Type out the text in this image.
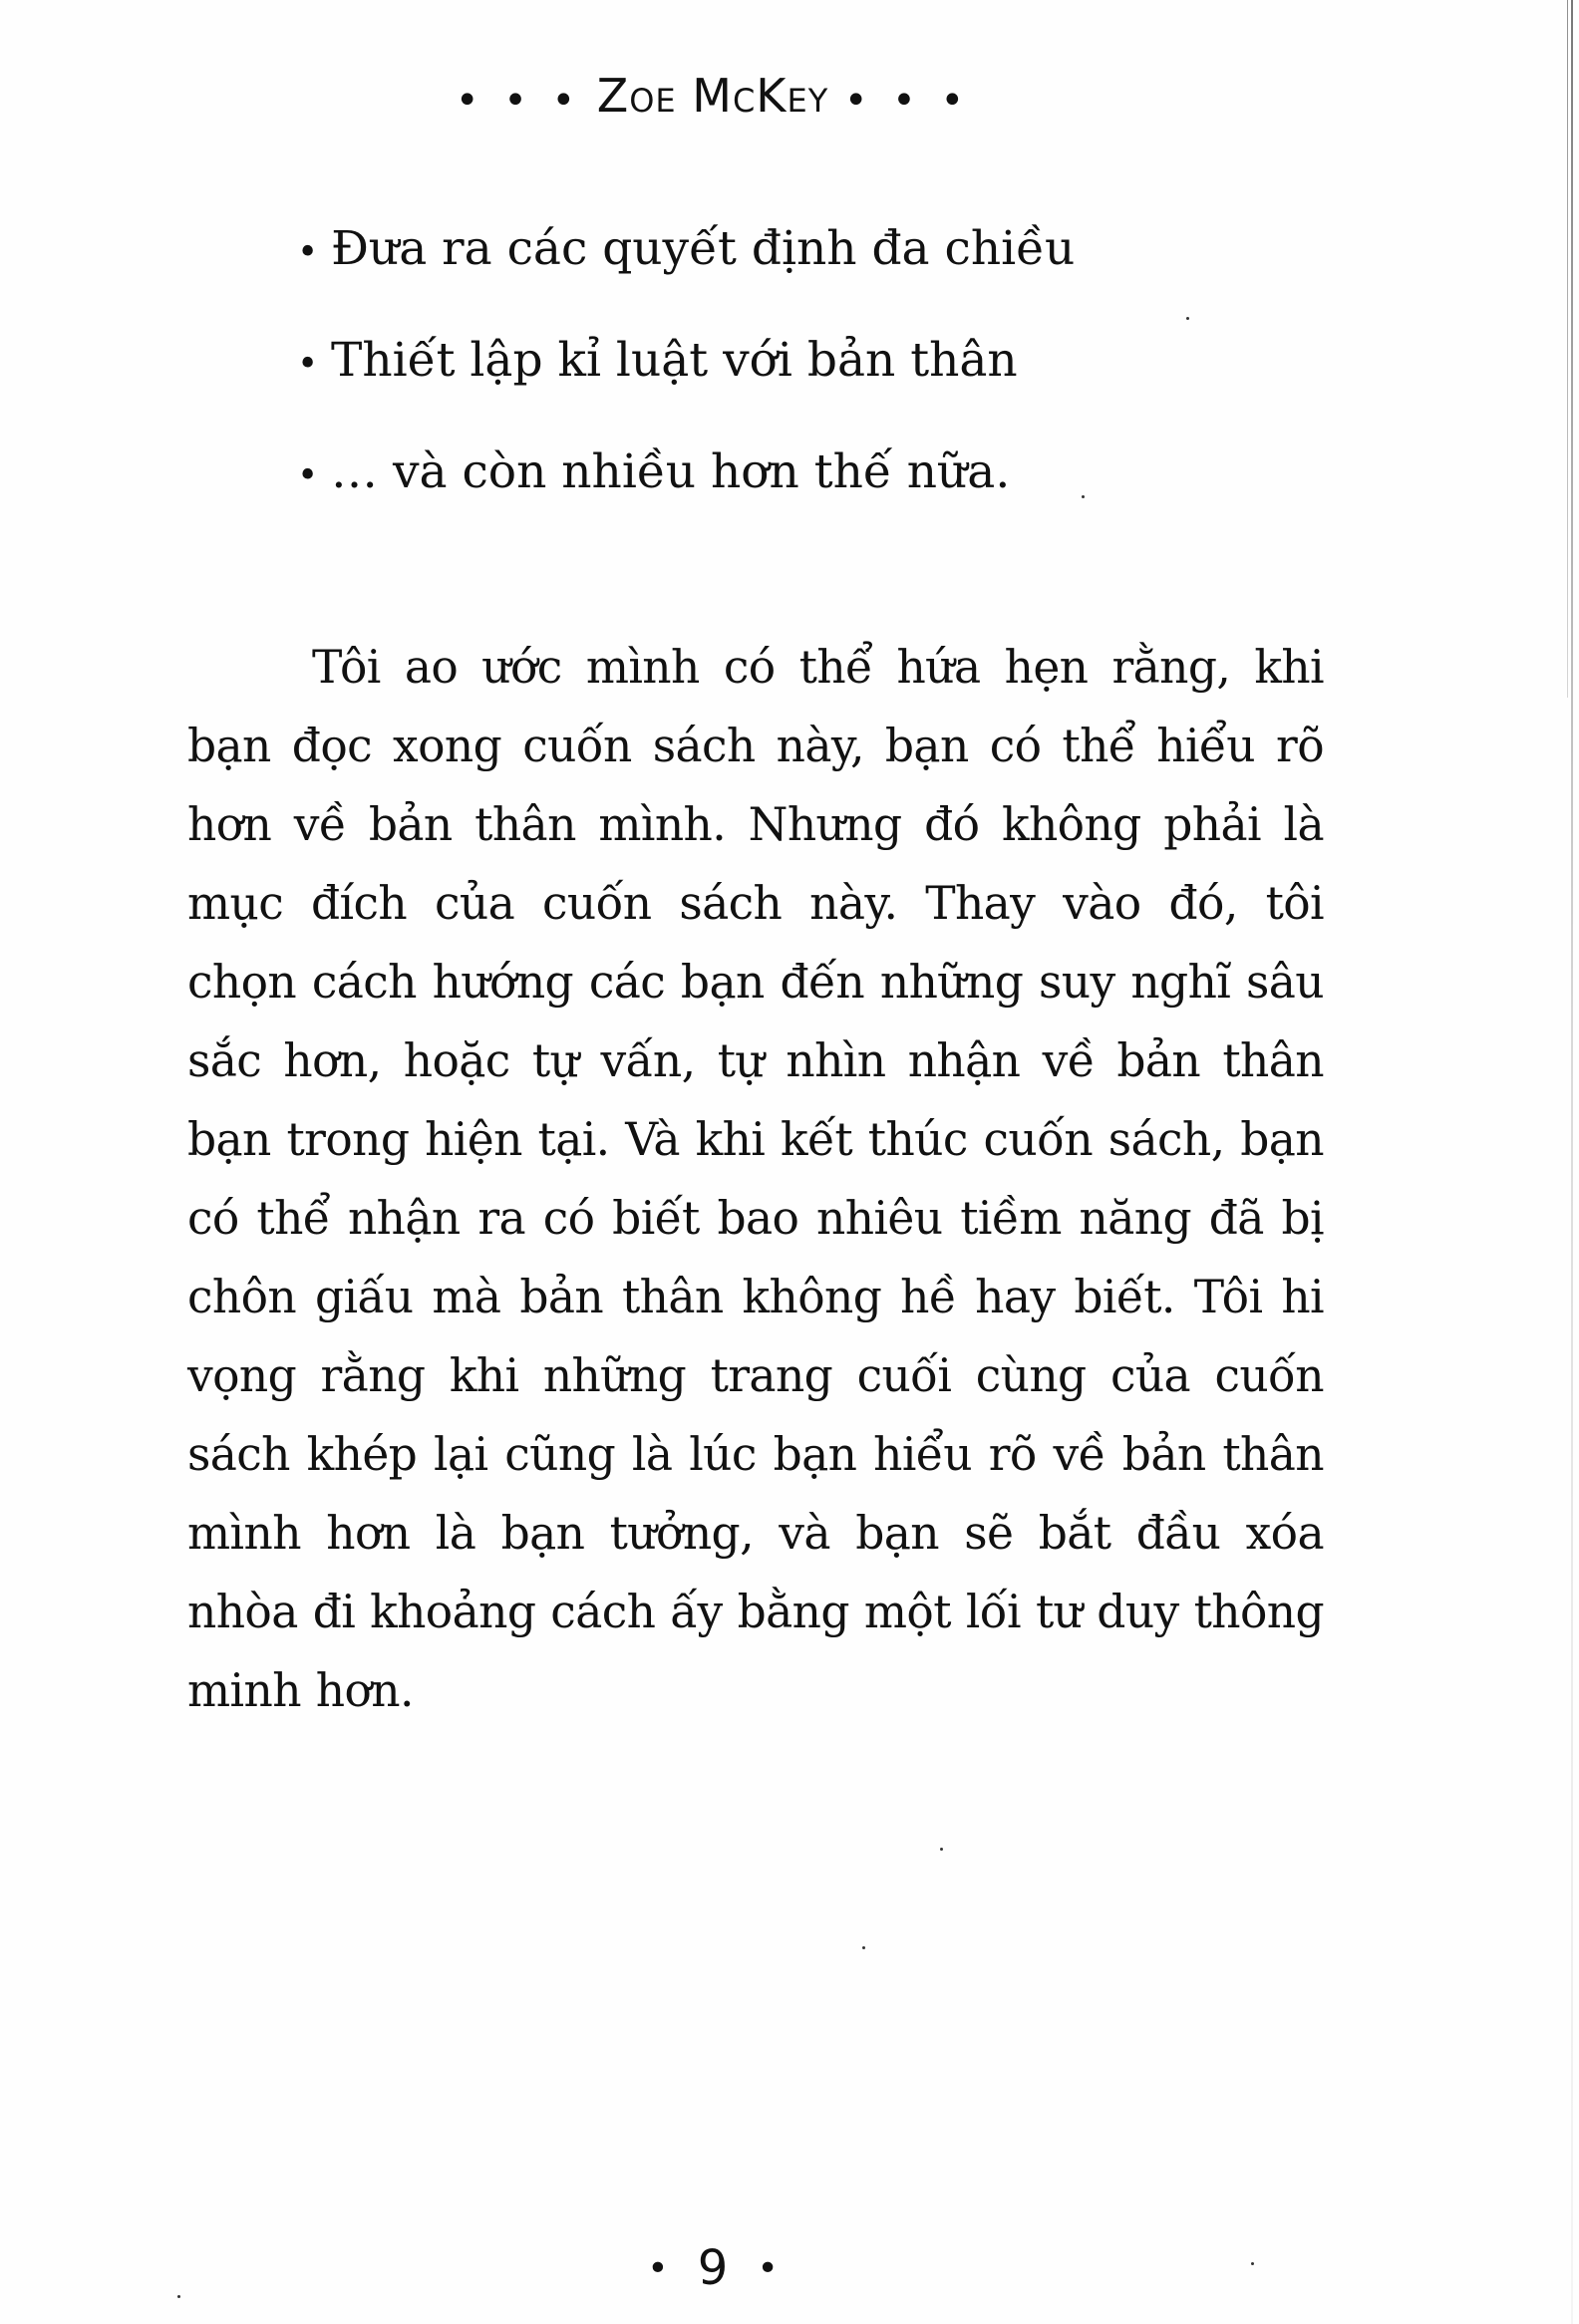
• • • Zoe McKey • • •
• Đưa ra các quyết định đa chiều
• Thiết lập kỉ luật với bản thân
• … và còn nhiều hơn thế nữa.

Tôi ao ước mình có thể hứa hẹn rằng, khi bạn đọc xong cuốn sách này, bạn có thể hiểu rõ hơn về bản thân mình. Nhưng đó không phải là mục đích của cuốn sách này. Thay vào đó, tôi chọn cách hướng các bạn đến những suy nghĩ sâu sắc hơn, hoặc tự vấn, tự nhìn nhận về bản thân bạn trong hiện tại. Và khi kết thúc cuốn sách, bạn có thể nhận ra có biết bao nhiêu tiềm năng đã bị chôn giấu mà bản thân không hề hay biết. Tôi hi vọng rằng khi những trang cuối cùng của cuốn sách khép lại cũng là lúc bạn hiểu rõ về bản thân mình hơn là bạn tưởng, và bạn sẽ bắt đầu xóa nhòa đi khoảng cách ấy bằng một lối tư duy thông minh hơn.

• 9 •
